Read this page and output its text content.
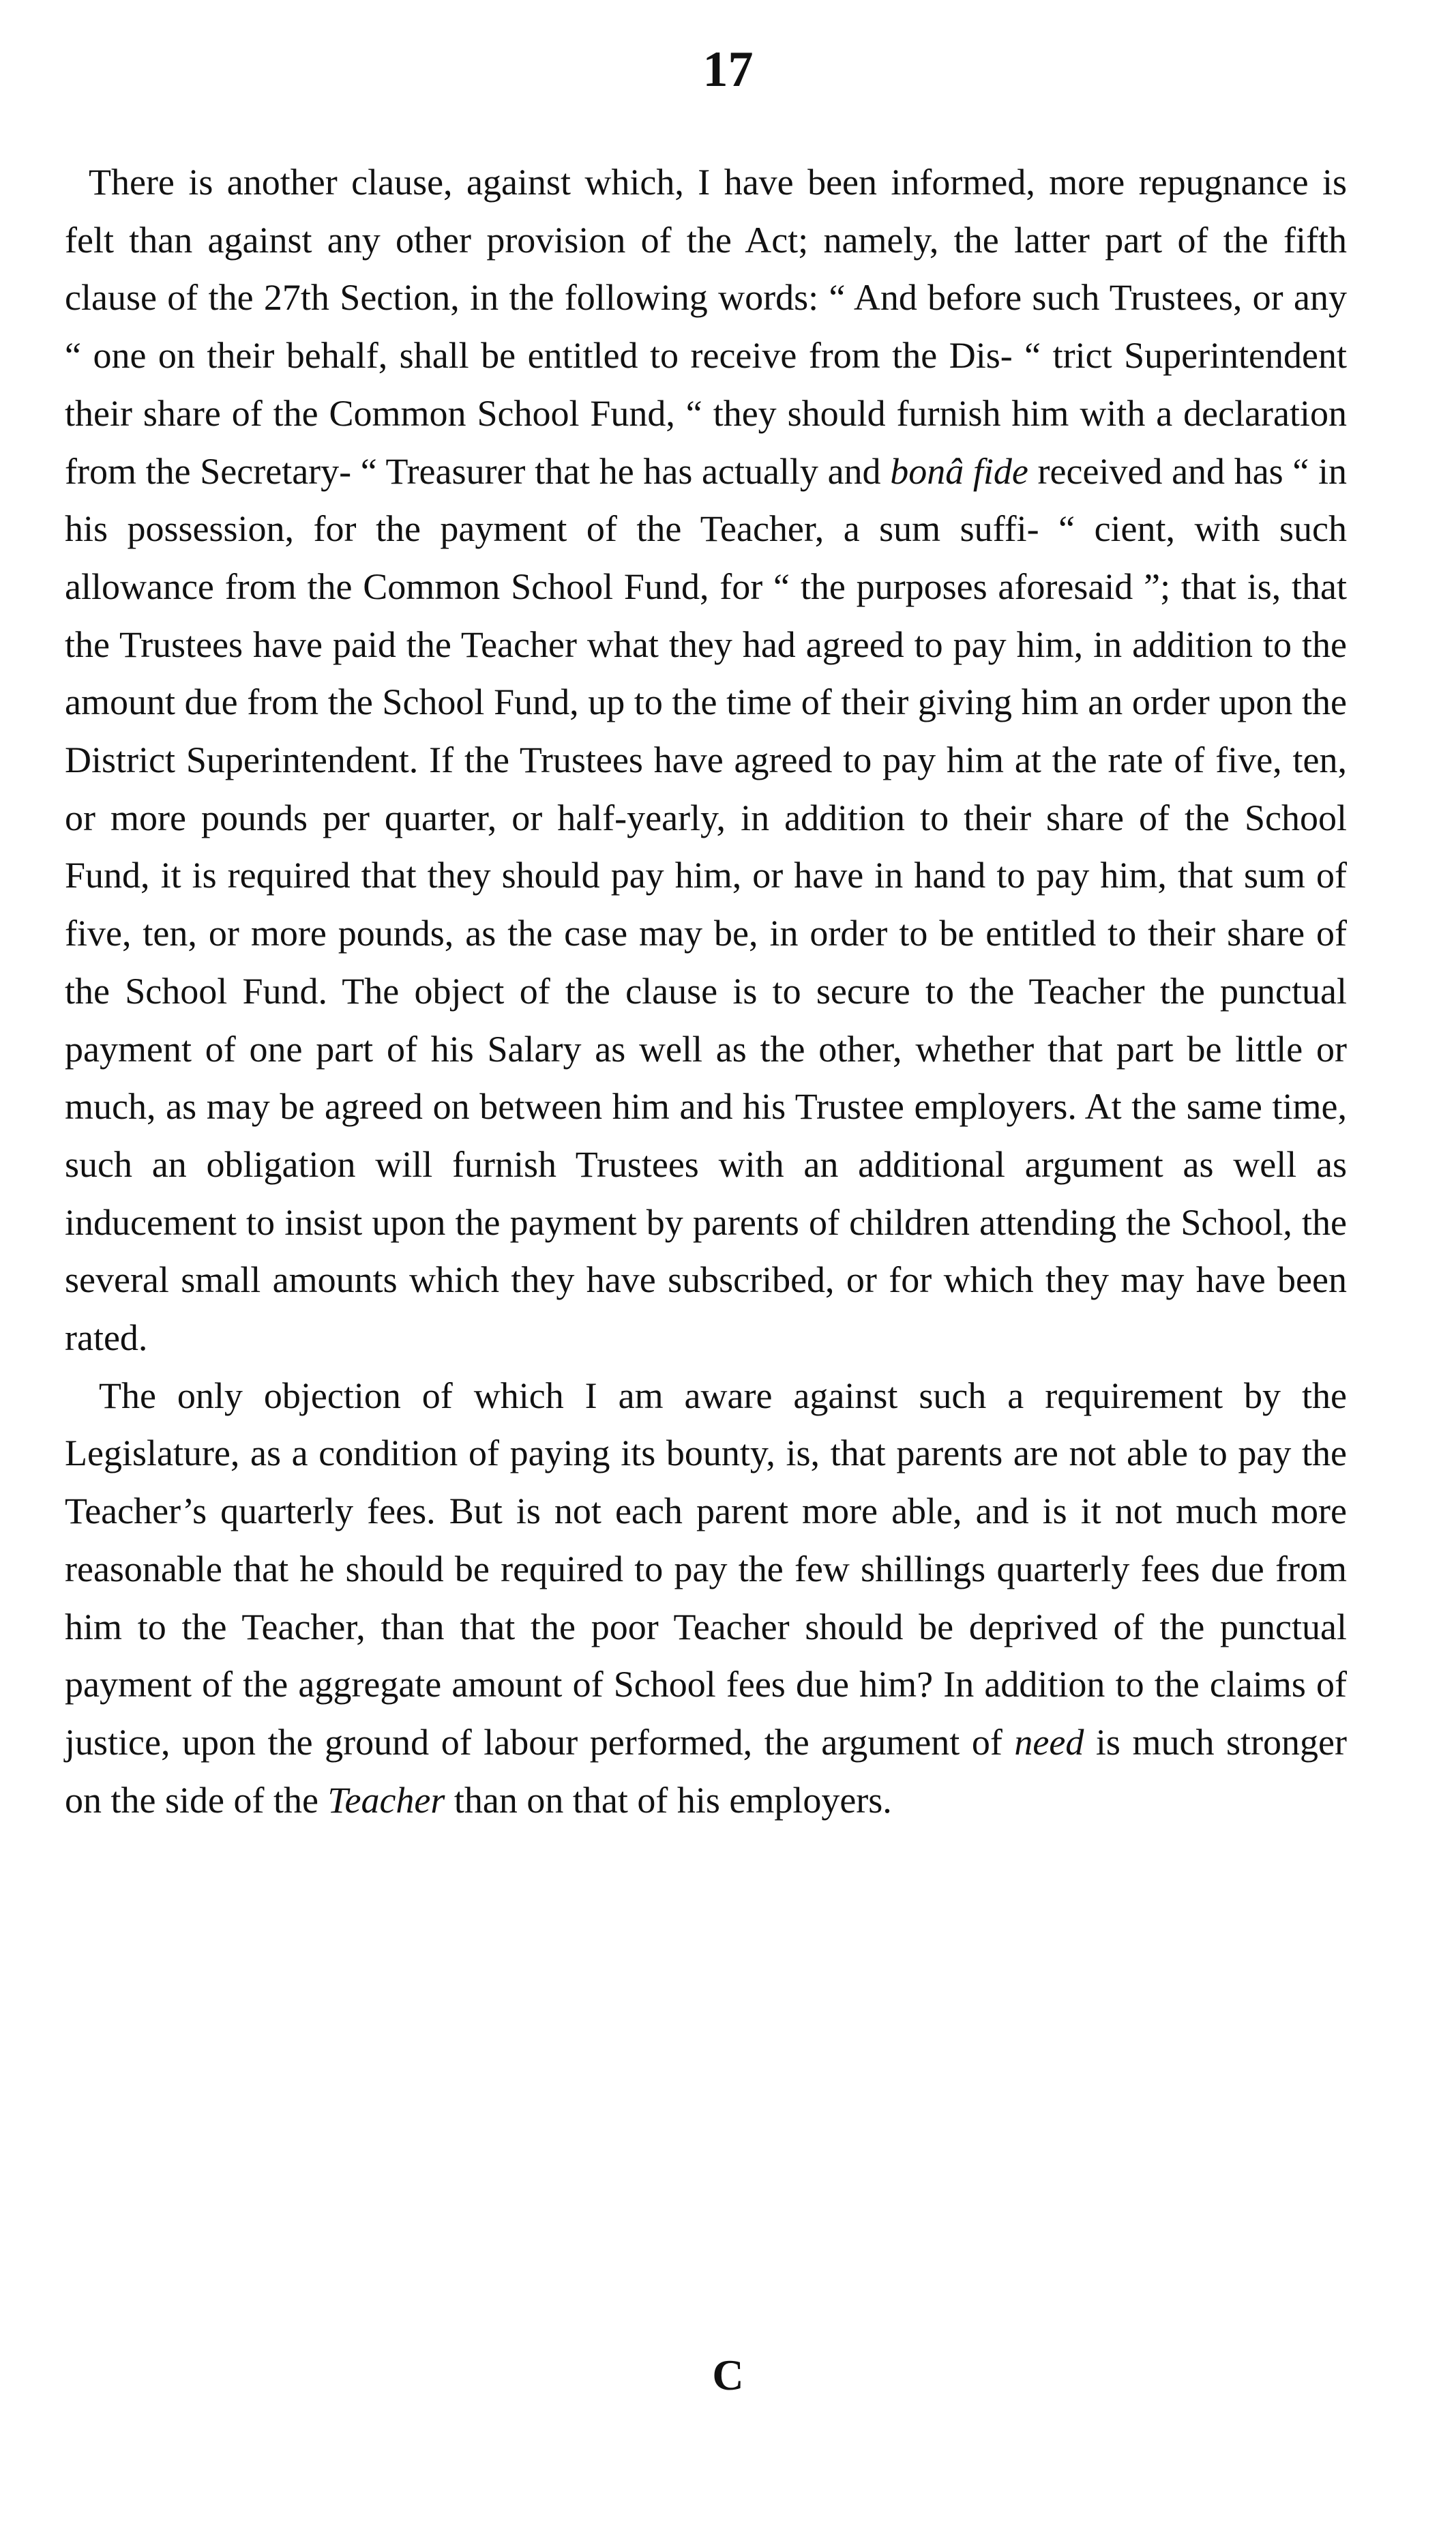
17

There is another clause, against which, I have been informed, more repugnance is felt than against any other provision of the Act; namely, the latter part of the fifth clause of the 27th Section, in the following words: “ And before such Trustees, or any “ one on their behalf, shall be entitled to receive from the Dis- “ trict Superintendent their share of the Common School Fund, “ they should furnish him with a declaration from the Secretary- “ Treasurer that he has actually and bonâ fide received and has “ in his possession, for the payment of the Teacher, a sum suffi- “ cient, with such allowance from the Common School Fund, for “ the purposes aforesaid ”; that is, that the Trustees have paid the Teacher what they had agreed to pay him, in addition to the amount due from the School Fund, up to the time of their giving him an order upon the District Superintendent. If the Trustees have agreed to pay him at the rate of five, ten, or more pounds per quarter, or half-yearly, in addition to their share of the School Fund, it is required that they should pay him, or have in hand to pay him, that sum of five, ten, or more pounds, as the case may be, in order to be entitled to their share of the School Fund. The object of the clause is to secure to the Teacher the punctual payment of one part of his Salary as well as the other, whether that part be little or much, as may be agreed on between him and his Trustee employers. At the same time, such an obligation will furnish Trustees with an additional argument as well as inducement to insist upon the payment by parents of children attending the School, the several small amounts which they have subscribed, or for which they may have been rated.

The only objection of which I am aware against such a requirement by the Legislature, as a condition of paying its bounty, is, that parents are not able to pay the Teacher’s quarterly fees. But is not each parent more able, and is it not much more reasonable that he should be required to pay the few shillings quarterly fees due from him to the Teacher, than that the poor Teacher should be deprived of the punctual payment of the aggregate amount of School fees due him? In addition to the claims of justice, upon the ground of labour performed, the argument of need is much stronger on the side of the Teacher than on that of his employers.

C
